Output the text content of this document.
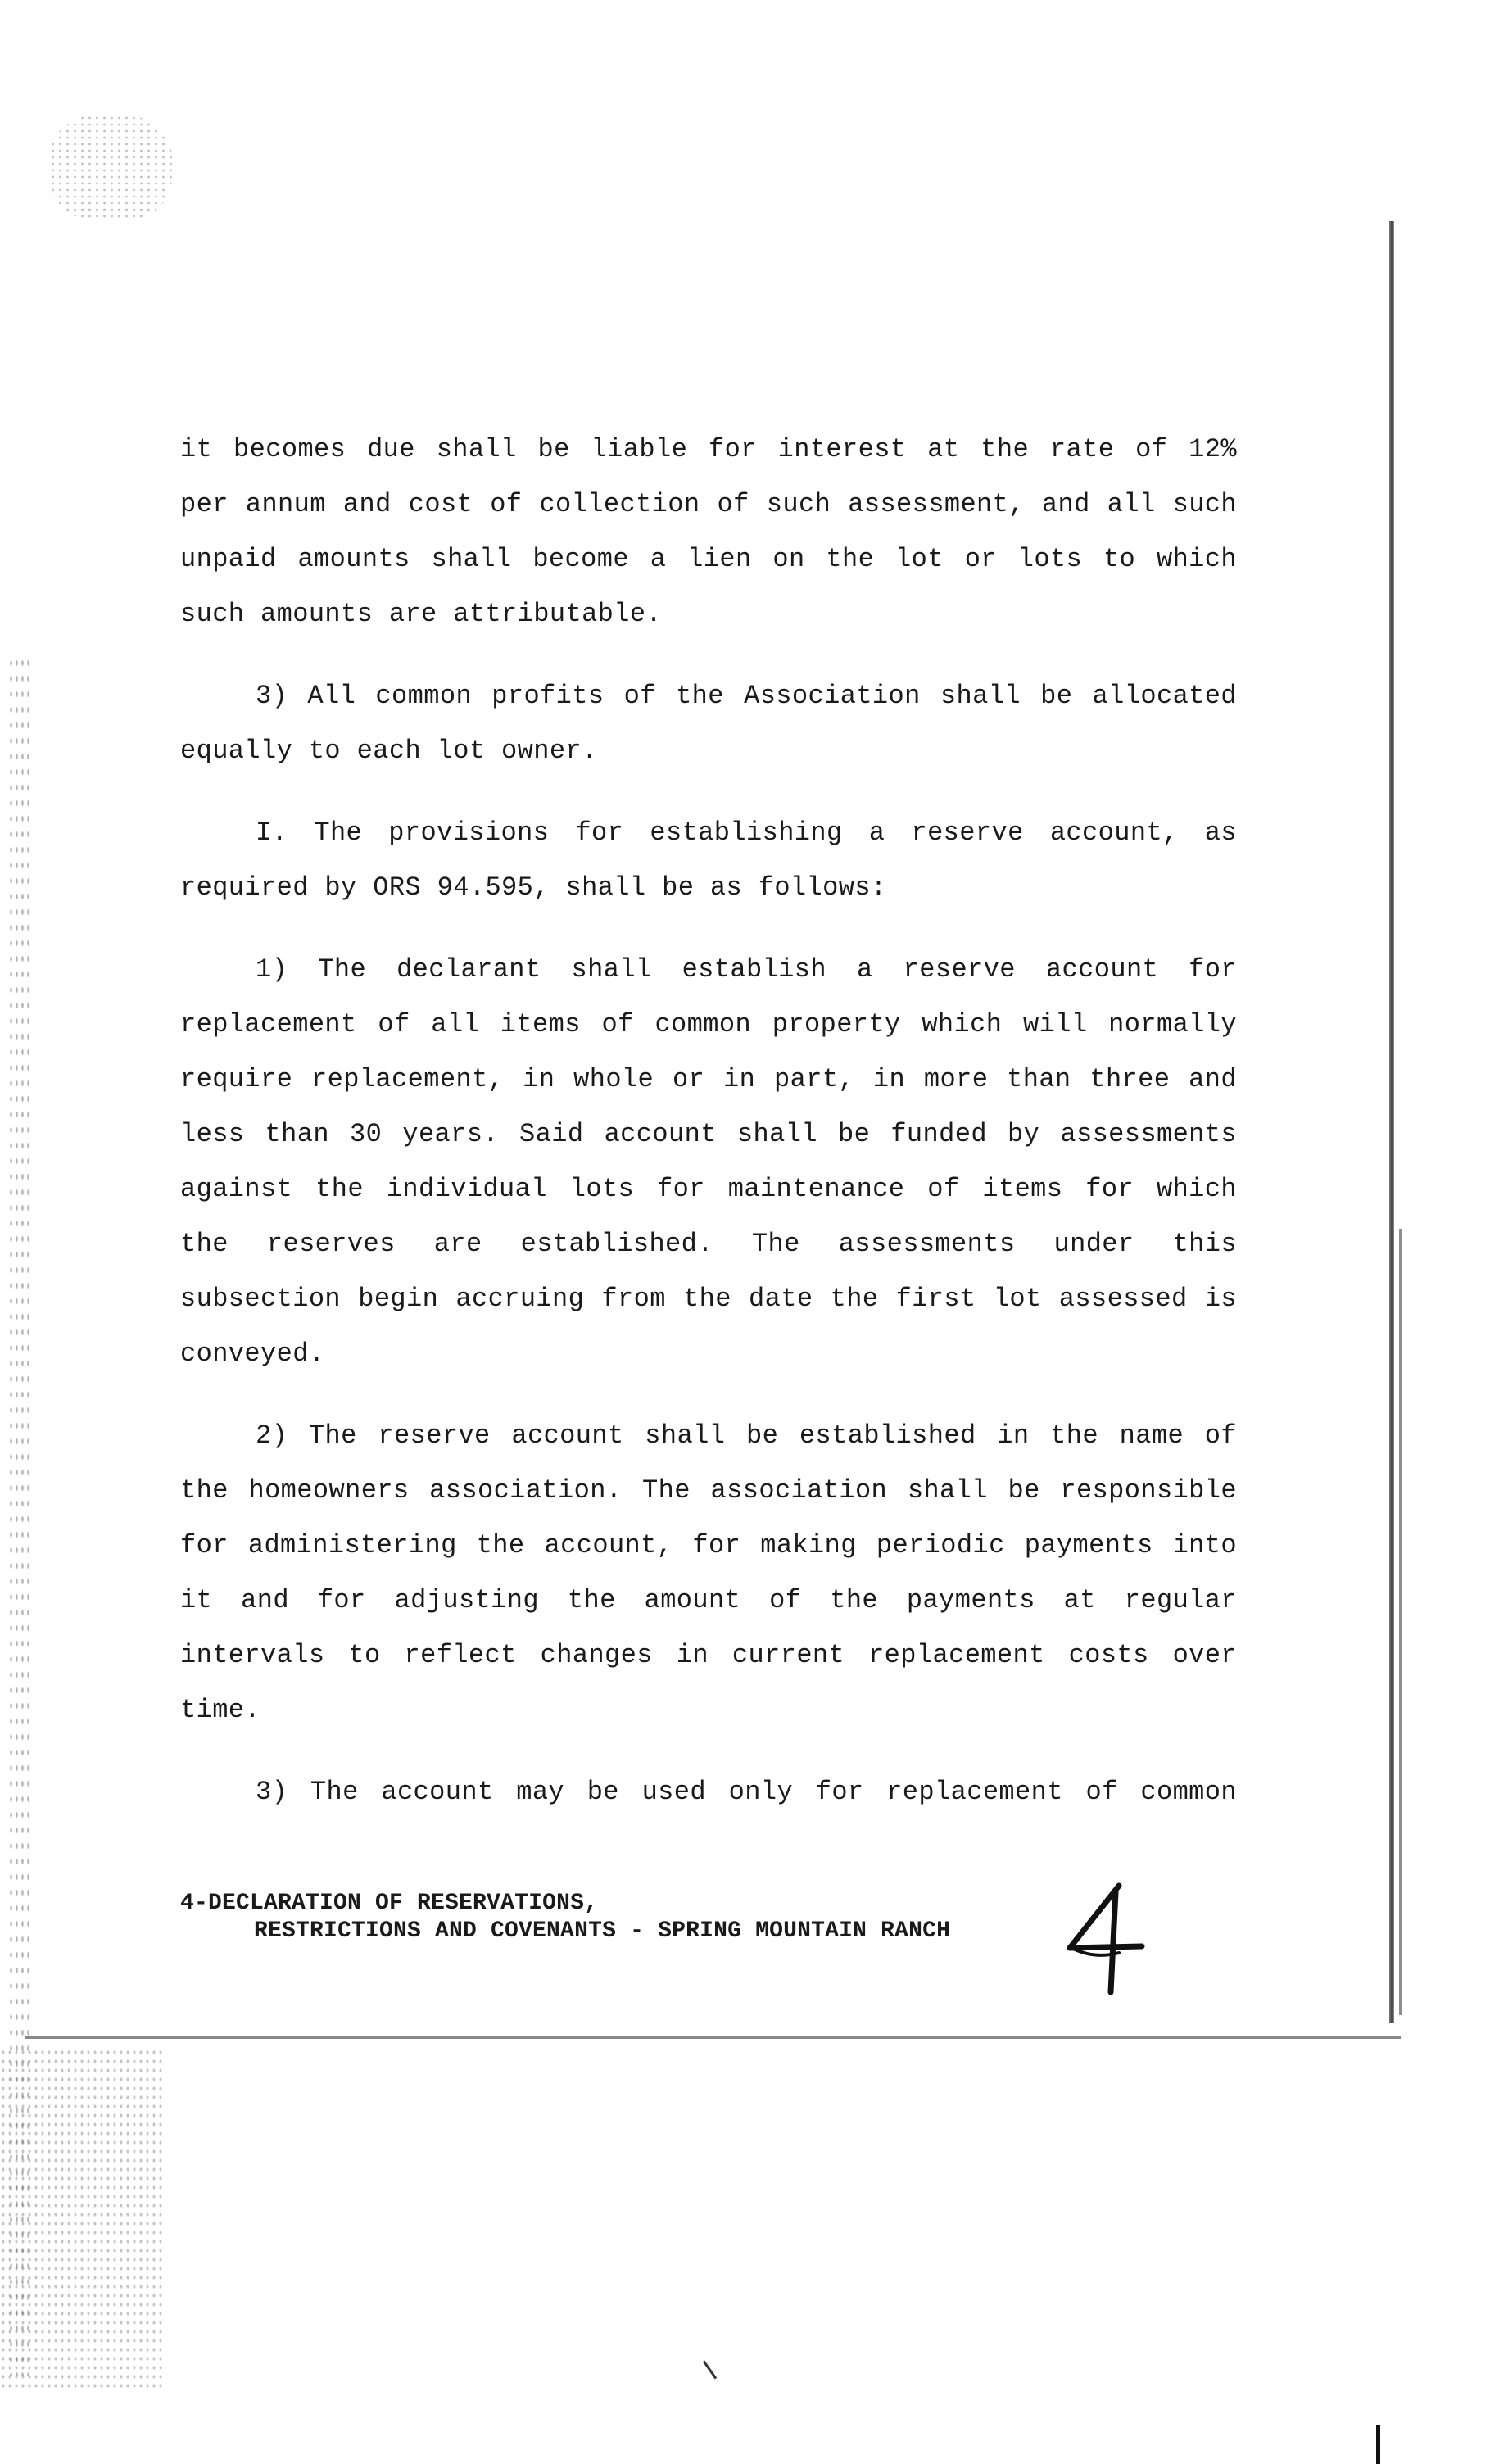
it becomes due shall be liable for interest at the rate of 12%
per annum and cost of collection of such assessment, and all such
unpaid amounts shall become a lien on the lot or lots to which
such amounts are attributable.
3) All common profits of the Association shall be allocated
equally to each lot owner.
I. The provisions for establishing a reserve account, as
required by ORS 94.595, shall be as follows:
1) The declarant shall establish a reserve account for
replacement of all items of common property which will normally
require replacement, in whole or in part, in more than three and
less than 30 years. Said account shall be funded by assessments
against the individual lots for maintenance of items for which
the reserves are established. The assessments under this
subsection begin accruing from the date the first lot assessed is
conveyed.
2) The reserve account shall be established in the name of
the homeowners association. The association shall be responsible
for administering the account, for making periodic payments into
it and for adjusting the amount of the payments at regular
intervals to reflect changes in current replacement costs over
time.
3) The account may be used only for replacement of common
4-DECLARATION OF RESERVATIONS,
RESTRICTIONS AND COVENANTS - SPRING MOUNTAIN RANCH
